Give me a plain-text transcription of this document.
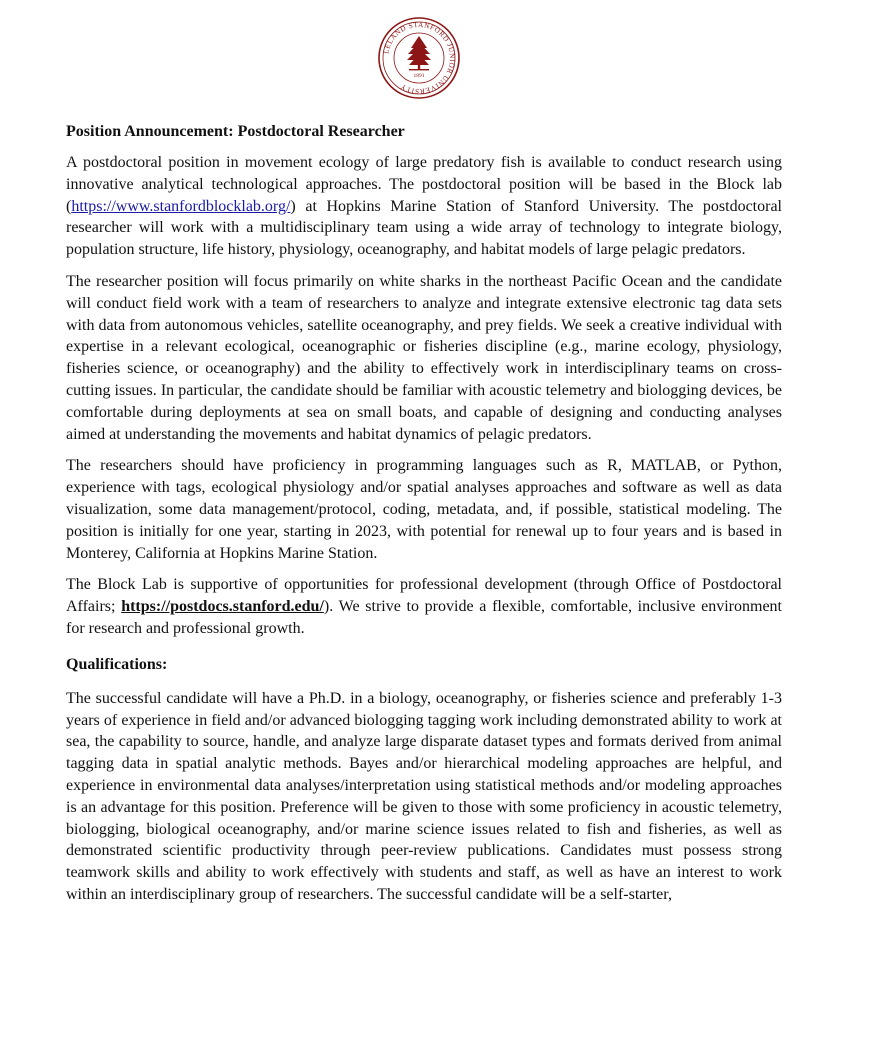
LELAND STANFORD JUNIOR UNIVERSITY
1891
Position Announcement: Postdoctoral Researcher

A postdoctoral position in movement ecology of large predatory fish is available to conduct research using innovative analytical technological approaches. The postdoctoral position will be based in the Block lab (https://www.stanfordblocklab.org/) at Hopkins Marine Station of Stanford University. The postdoctoral researcher will work with a multidisciplinary team using a wide array of technology to integrate biology, population structure, life history, physiology, oceanography, and habitat models of large pelagic predators.

The researcher position will focus primarily on white sharks in the northeast Pacific Ocean and the candidate will conduct field work with a team of researchers to analyze and integrate extensive electronic tag data sets with data from autonomous vehicles, satellite oceanography, and prey fields. We seek a creative individual with expertise in a relevant ecological, oceanographic or fisheries discipline (e.g., marine ecology, physiology, fisheries science, or oceanography) and the ability to effectively work in interdisciplinary teams on cross-cutting issues. In particular, the candidate should be familiar with acoustic telemetry and biologging devices, be comfortable during deployments at sea on small boats, and capable of designing and conducting analyses aimed at understanding the movements and habitat dynamics of pelagic predators.

The researchers should have proficiency in programming languages such as R, MATLAB, or Python, experience with tags, ecological physiology and/or spatial analyses approaches and software as well as data visualization, some data management/protocol, coding, metadata, and, if possible, statistical modeling. The position is initially for one year, starting in 2023, with potential for renewal up to four years and is based in Monterey, California at Hopkins Marine Station.

The Block Lab is supportive of opportunities for professional development (through Office of Postdoctoral Affairs; https://postdocs.stanford.edu/). We strive to provide a flexible, comfortable, inclusive environment for research and professional growth.

Qualifications:

The successful candidate will have a Ph.D. in a biology, oceanography, or fisheries science and preferably 1-3 years of experience in field and/or advanced biologging tagging work including demonstrated ability to work at sea, the capability to source, handle, and analyze large disparate dataset types and formats derived from animal tagging data in spatial analytic methods. Bayes and/or hierarchical modeling approaches are helpful, and experience in environmental data analyses/interpretation using statistical methods and/or modeling approaches is an advantage for this position. Preference will be given to those with some proficiency in acoustic telemetry, biologging, biological oceanography, and/or marine science issues related to fish and fisheries, as well as demonstrated scientific productivity through peer-review publications. Candidates must possess strong teamwork skills and ability to work effectively with students and staff, as well as have an interest to work within an interdisciplinary group of researchers. The successful candidate will be a self-starter,
